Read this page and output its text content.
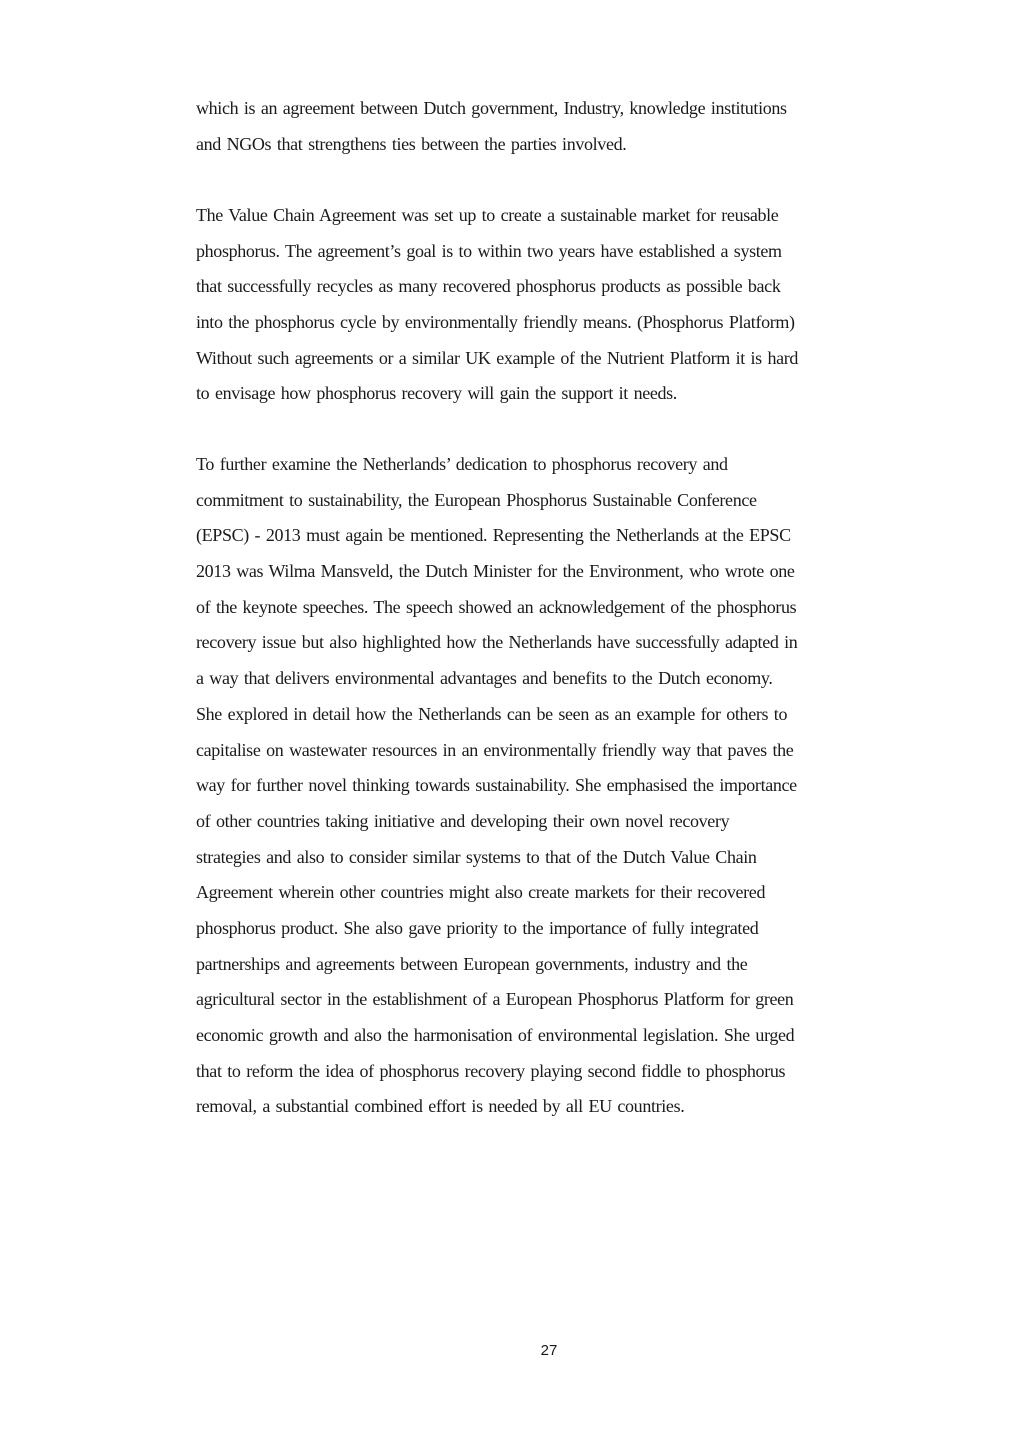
which is an agreement between Dutch government, Industry, knowledge institutions
and NGOs that strengthens ties between the parties involved.
The Value Chain Agreement was set up to create a sustainable market for reusable
phosphorus. The agreement’s goal is to within two years have established a system
that successfully recycles as many recovered phosphorus products as possible back
into the phosphorus cycle by environmentally friendly means. (Phosphorus Platform)
Without such agreements or a similar UK example of the Nutrient Platform it is hard
to envisage how phosphorus recovery will gain the support it needs.
To further examine the Netherlands’ dedication to phosphorus recovery and
commitment to sustainability, the European Phosphorus Sustainable Conference
(EPSC) - 2013 must again be mentioned. Representing the Netherlands at the EPSC
2013 was Wilma Mansveld, the Dutch Minister for the Environment, who wrote one
of the keynote speeches. The speech showed an acknowledgement of the phosphorus
recovery issue but also highlighted how the Netherlands have successfully adapted in
a way that delivers environmental advantages and benefits to the Dutch economy.
She explored in detail how the Netherlands can be seen as an example for others to
capitalise on wastewater resources in an environmentally friendly way that paves the
way for further novel thinking towards sustainability. She emphasised the importance
of other countries taking initiative and developing their own novel recovery
strategies and also to consider similar systems to that of the Dutch Value Chain
Agreement wherein other countries might also create markets for their recovered
phosphorus product. She also gave priority to the importance of fully integrated
partnerships and agreements between European governments, industry and the
agricultural sector in the establishment of a European Phosphorus Platform for green
economic growth and also the harmonisation of environmental legislation. She urged
that to reform the idea of phosphorus recovery playing second fiddle to phosphorus
removal, a substantial combined effort is needed by all EU countries.
27
